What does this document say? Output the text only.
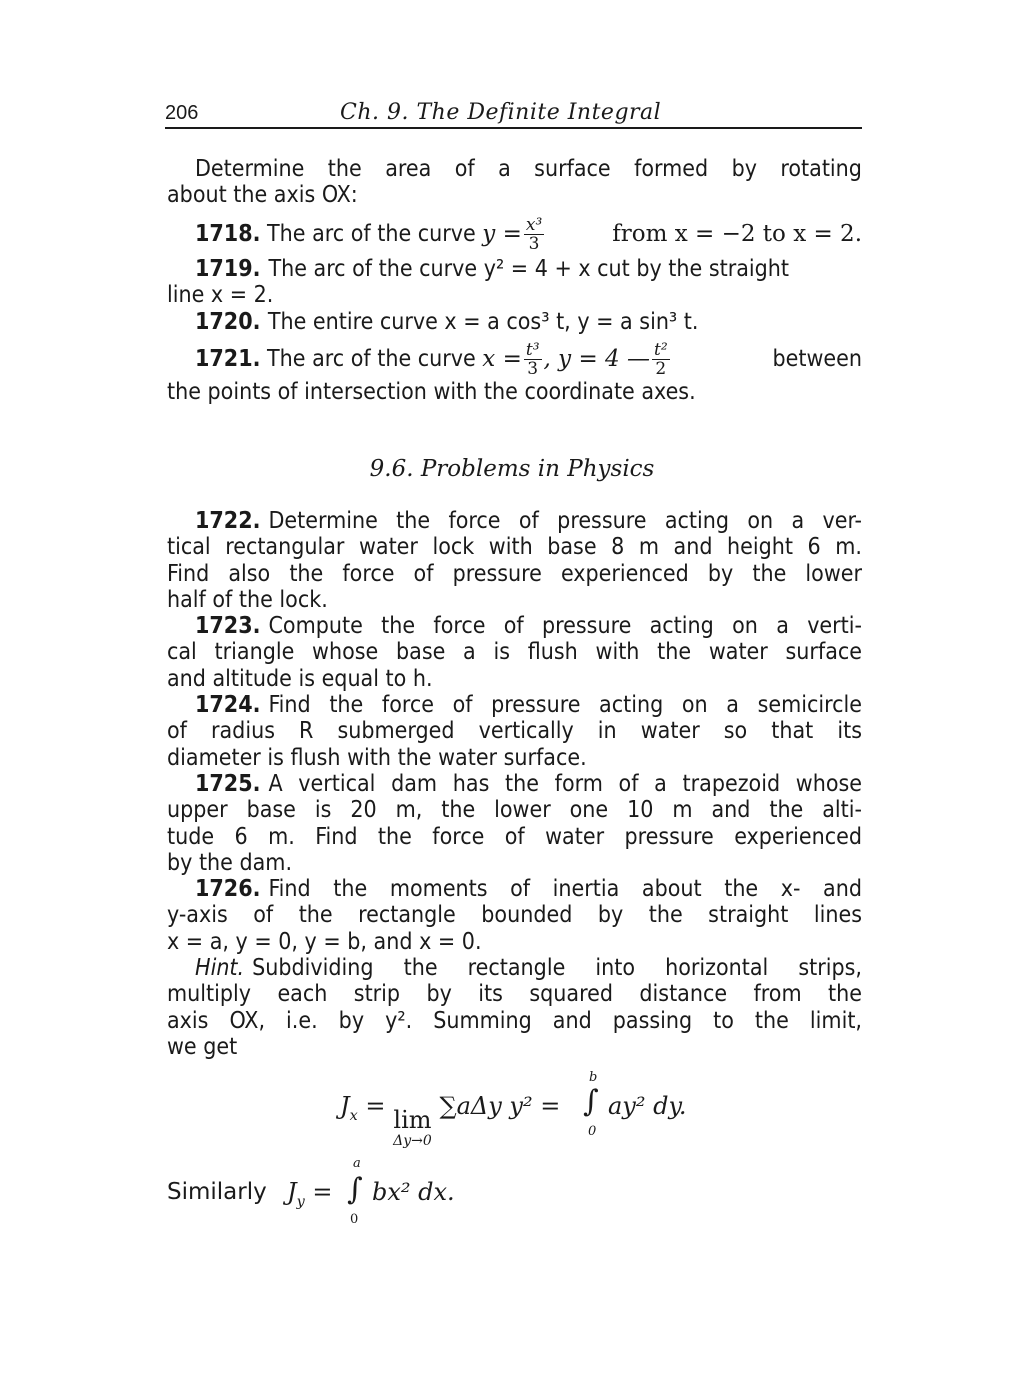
206	Ch. 9. The Definite Integral
Determine the area of a surface formed by rotating
about the axis OX:
1718. The arc of the curve $y = \frac{\text{x³}}{3}$	from x = −2 to x = 2.
1719. The arc of the curve y² = 4 + x cut by the straight
line x = 2.
1720. The entire curve x = a cos³ t, y = a sin³ t.
1721. The arc of the curve $x = \frac{\text{t³}}{3}$ , y = 4 — $\frac{\text{t²}}{2}$	between
the points of intersection with the coordinate axes.
9.6. Problems in Physics
1722. Determine the force of pressure acting on a ver-
tical rectangular water lock with base 8 m and height 6 m.
Find also the force of pressure experienced by the lower
half of the lock.
1723. Compute the force of pressure acting on a verti-
cal triangle whose base a is flush with the water surface
and altitude is equal to h.
1724. Find the force of pressure acting on a semicircle
of radius R submerged vertically in water so that its
diameter is flush with the water surface.
1725. A vertical dam has the form of a trapezoid whose
upper base is 20 m, the lower one 10 m and the alti-
tude 6 m. Find the force of water pressure experienced
by the dam.
1726. Find the moments of inertia about the x- and
y-axis of the rectangle bounded by the straight lines
x = a, y = 0, y = b, and x = 0.
Hint. Subdividing the rectangle into horizontal strips,
multiply each strip by its squared distance from the
axis OX, i.e. by y². Summing and passing to the limit,
we get
$J_x = \lim$
Δy→0
∑aΔy y² =
b
∫
0
ay² dy.
Similarly $J_y$ =
a
∫
0
bx² dx.
